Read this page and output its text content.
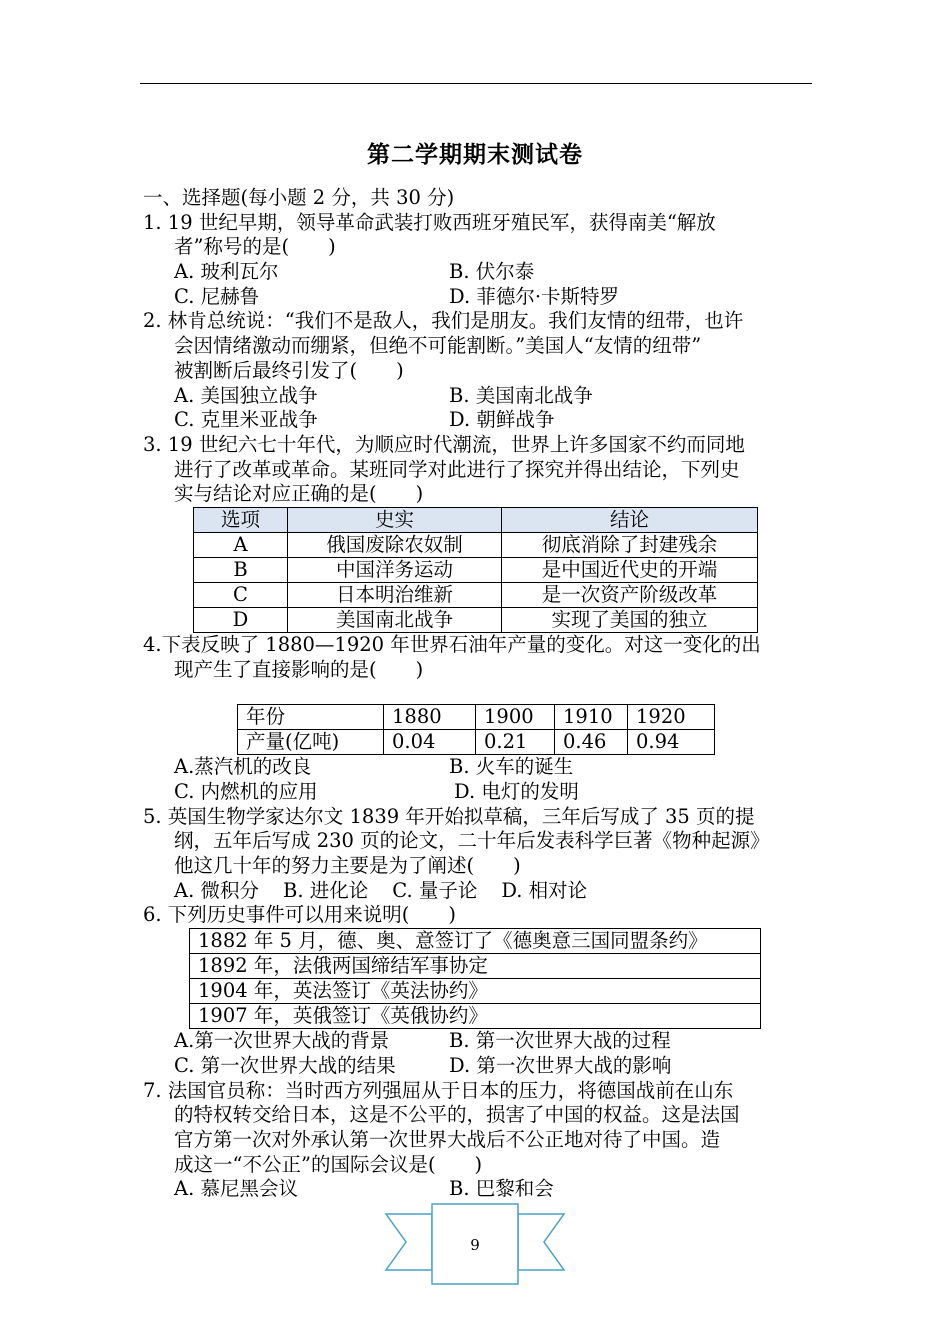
第二学期期末测试卷
一、选择题(每小题 2 分，共 30 分)
1. 19 世纪早期，领导革命武装打败西班牙殖民军，获得南美“解放
者”称号的是(　　)
A. 玻利瓦尔	B. 伏尔泰
C. 尼赫鲁	D. 菲德尔·卡斯特罗
2. 林肯总统说：“我们不是敌人，我们是朋友。我们友情的纽带，也许
会因情绪激动而绷紧，但绝不可能割断。”美国人“友情的纽带”
被割断后最终引发了(　　)
A. 美国独立战争	B. 美国南北战争
C. 克里米亚战争	D. 朝鲜战争
3. 19 世纪六七十年代，为顺应时代潮流，世界上许多国家不约而同地
进行了改革或革命。某班同学对此进行了探究并得出结论，下列史
实与结论对应正确的是(　　)
选项	史实	结论
A	俄国废除农奴制	彻底消除了封建残余
B	中国洋务运动	是中国近代史的开端
C	日本明治维新	是一次资产阶级改革
D	美国南北战争	实现了美国的独立
4.下表反映了 1880—1920 年世界石油年产量的变化。对这一变化的出
现产生了直接影响的是(　　)
年份	1880	1900	1910	1920
产量(亿吨)	0.04	0.21	0.46	0.94
A.蒸汽机的改良	B. 火车的诞生
C. 内燃机的应用	D. 电灯的发明
5. 英国生物学家达尔文 1839 年开始拟草稿，三年后写成了 35 页的提
纲，五年后写成 230 页的论文，二十年后发表科学巨著《物种起源》
他这几十年的努力主要是为了阐述(　　)
A. 微积分 B. 进化论 C. 量子论 D. 相对论
6. 下列历史事件可以用来说明(　　)
1882 年 5 月，德、奥、意签订了《德奥意三国同盟条约》
1892 年，法俄两国缔结军事协定
1904 年，英法签订《英法协约》
1907 年，英俄签订《英俄协约》
A.第一次世界大战的背景	B. 第一次世界大战的过程
C. 第一次世界大战的结果	D. 第一次世界大战的影响
7. 法国官员称：当时西方列强屈从于日本的压力，将德国战前在山东
的特权转交给日本，这是不公平的，损害了中国的权益。这是法国
官方第一次对外承认第一次世界大战后不公正地对待了中国。造
成这一“不公正”的国际会议是(　　)
A. 慕尼黑会议	B. 巴黎和会
9
